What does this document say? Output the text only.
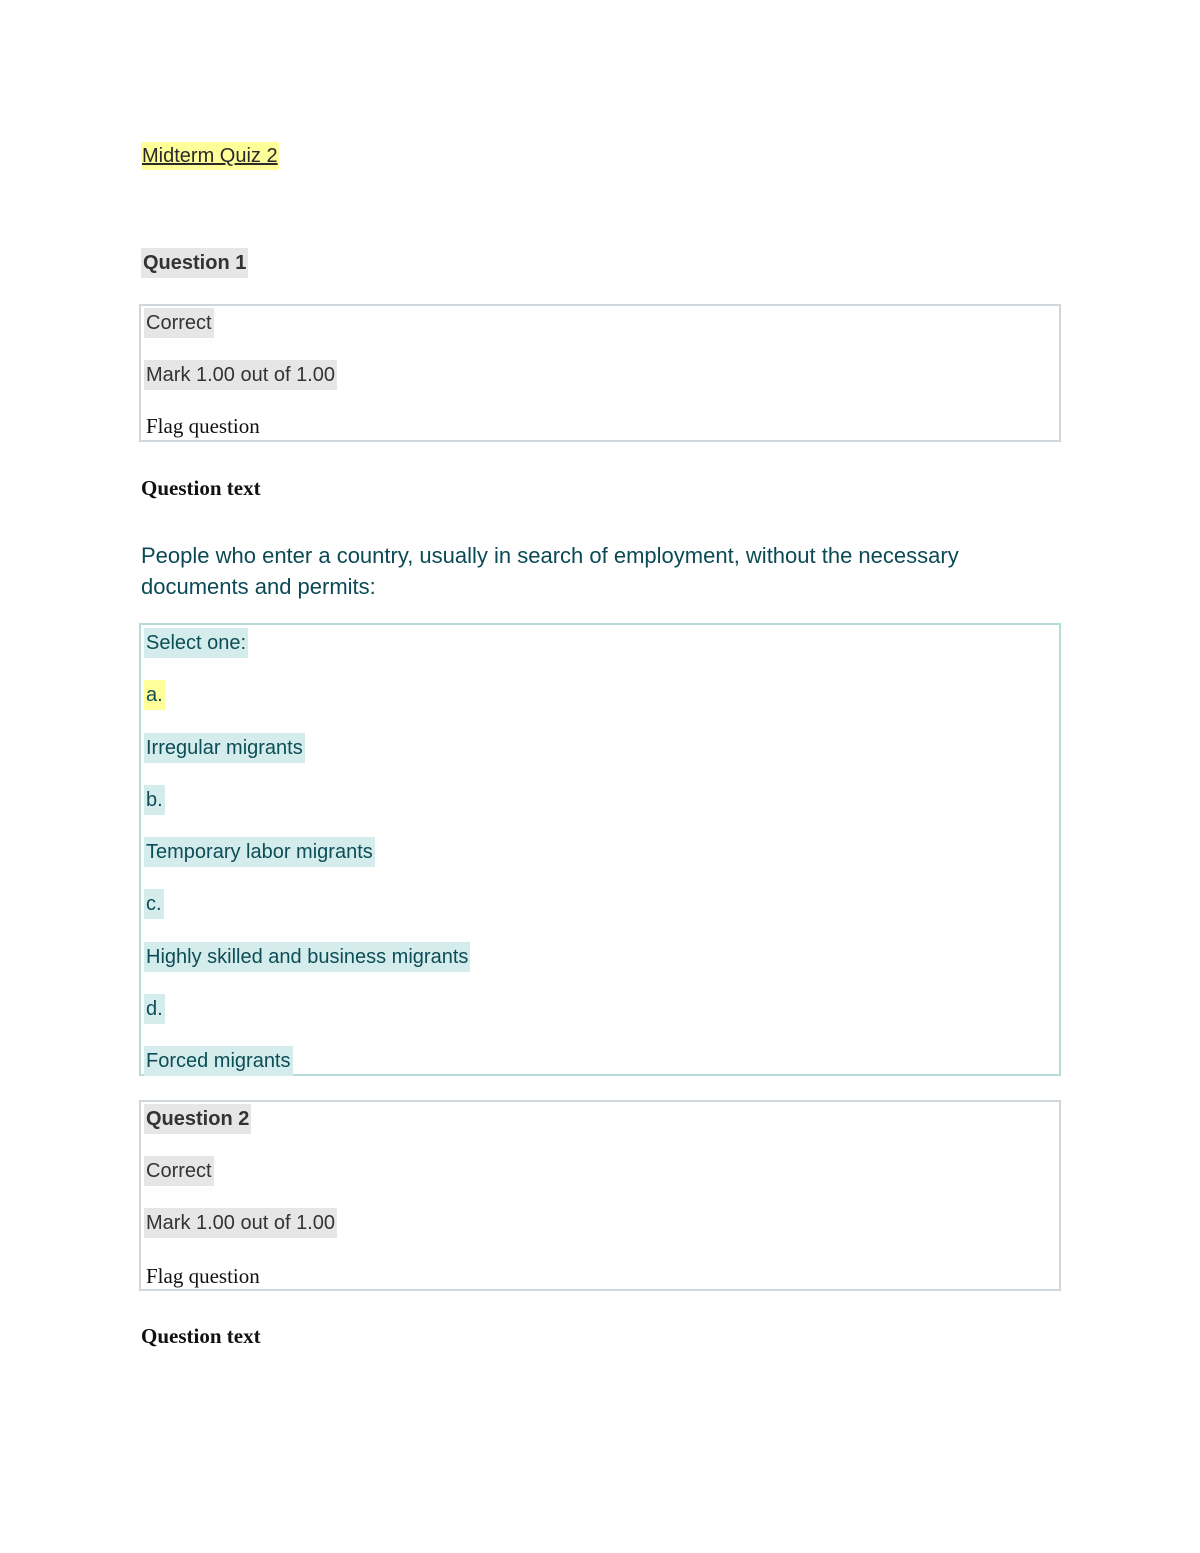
Midterm Quiz 2
Question 1
Correct
Mark 1.00 out of 1.00
Flag question
Question text
People who enter a country, usually in search of employment, without the necessary documents and permits:
Select one:
a.
Irregular migrants
b.
Temporary labor migrants
c.
Highly skilled and business migrants
d.
Forced migrants
Question 2
Correct
Mark 1.00 out of 1.00
Flag question
Question text
